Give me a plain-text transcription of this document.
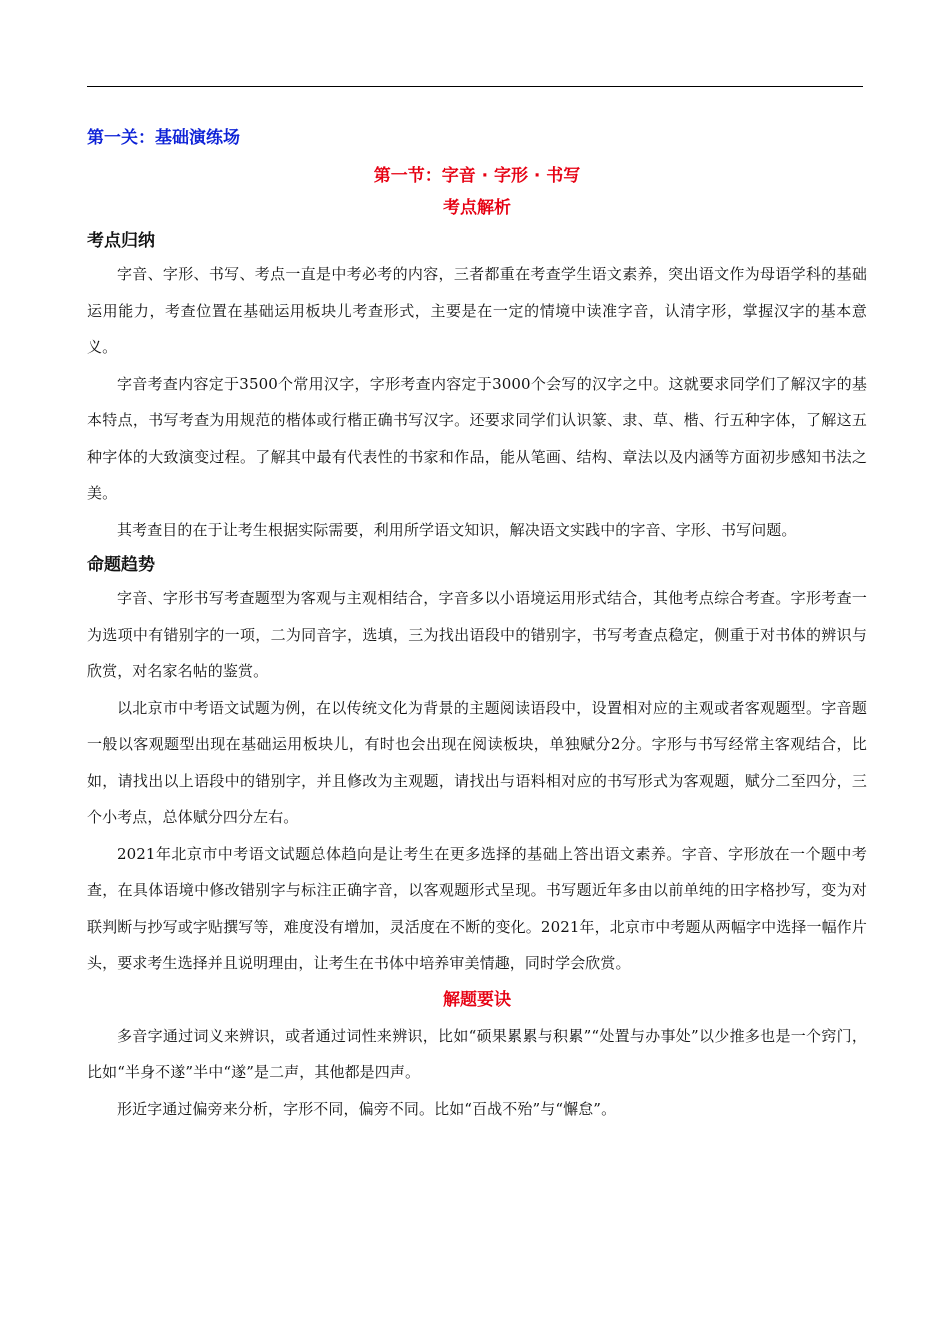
第一关：基础演练场
第一节：字音 · 字形 · 书写
考点解析
考点归纳

字音、字形、书写、考点一直是中考必考的内容，三者都重在考查学生语文素养，突出语文作为母语学科的基础运用能力，考查位置在基础运用板块儿考查形式，主要是在一定的情境中读准字音，认清字形，掌握汉字的基本意义。

字音考查内容定于3500个常用汉字，字形考查内容定于3000个会写的汉字之中。这就要求同学们了解汉字的基本特点，书写考查为用规范的楷体或行楷正确书写汉字。还要求同学们认识篆、隶、草、楷、行五种字体，了解这五种字体的大致演变过程。了解其中最有代表性的书家和作品，能从笔画、结构、章法以及内涵等方面初步感知书法之美。

其考查目的在于让考生根据实际需要，利用所学语文知识，解决语文实践中的字音、字形、书写问题。

命题趋势

字音、字形书写考查题型为客观与主观相结合，字音多以小语境运用形式结合，其他考点综合考查。字形考查一为选项中有错别字的一项，二为同音字，选填，三为找出语段中的错别字，书写考查点稳定，侧重于对书体的辨识与欣赏，对名家名帖的鉴赏。

以北京市中考语文试题为例，在以传统文化为背景的主题阅读语段中，设置相对应的主观或者客观题型。字音题一般以客观题型出现在基础运用板块儿，有时也会出现在阅读板块，单独赋分2分。字形与书写经常主客观结合，比如，请找出以上语段中的错别字，并且修改为主观题，请找出与语料相对应的书写形式为客观题，赋分二至四分，三个小考点，总体赋分四分左右。

2021年北京市中考语文试题总体趋向是让考生在更多选择的基础上答出语文素养。字音、字形放在一个题中考查，在具体语境中修改错别字与标注正确字音，以客观题形式呈现。书写题近年多由以前单纯的田字格抄写，变为对联判断与抄写或字贴撰写等，难度没有增加，灵活度在不断的变化。2021年，北京市中考题从两幅字中选择一幅作片头，要求考生选择并且说明理由，让考生在书体中培养审美情趣，同时学会欣赏。

解题要诀

多音字通过词义来辨识，或者通过词性来辨识，比如“硕果累累与积累”“处置与办事处”以少推多也是一个窍门，比如“半身不遂”半中“遂”是二声，其他都是四声。

形近字通过偏旁来分析，字形不同，偏旁不同。比如“百战不殆”与“懈怠”。
